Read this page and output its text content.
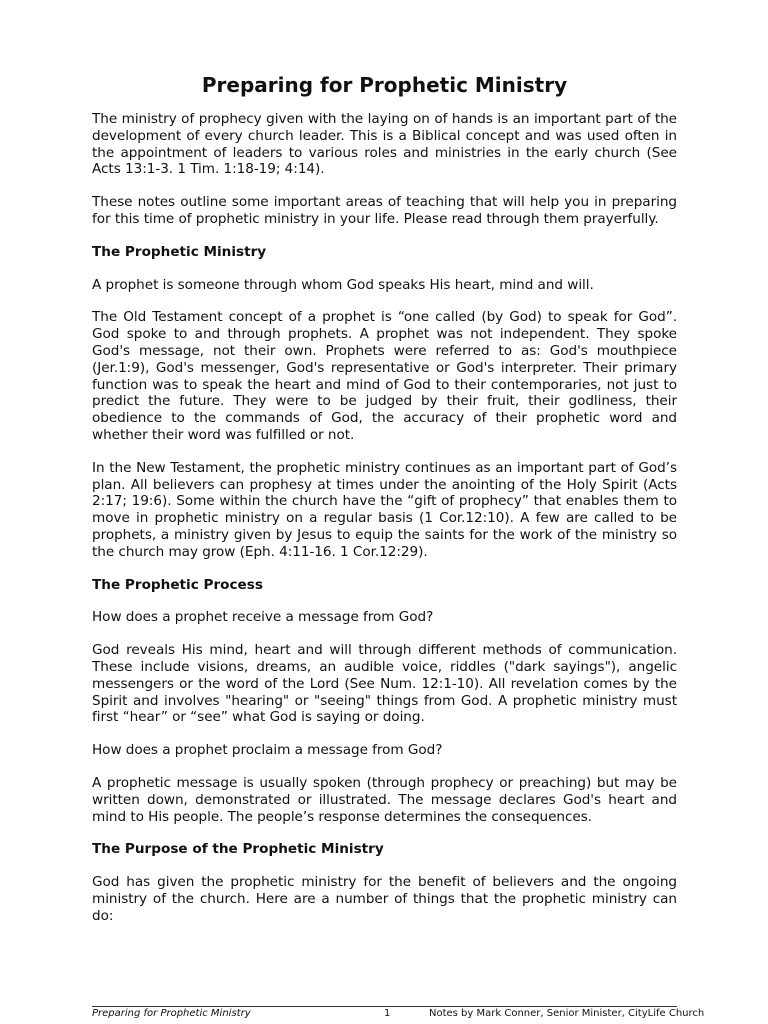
Preparing for Prophetic Ministry

The ministry of prophecy given with the laying on of hands is an important part of the development of every church leader. This is a Biblical concept and was used often in the appointment of leaders to various roles and ministries in the early church (See Acts 13:1-3. 1 Tim. 1:18-19; 4:14).

These notes outline some important areas of teaching that will help you in preparing for this time of prophetic ministry in your life. Please read through them prayerfully.

The Prophetic Ministry

A prophet is someone through whom God speaks His heart, mind and will.

The Old Testament concept of a prophet is “one called (by God) to speak for God”. God spoke to and through prophets. A prophet was not independent. They spoke God's message, not their own. Prophets were referred to as: God's mouthpiece (Jer.1:9), God's messenger, God's representative or God's interpreter. Their primary function was to speak the heart and mind of God to their contemporaries, not just to predict the future. They were to be judged by their fruit, their godliness, their obedience to the commands of God, the accuracy of their prophetic word and whether their word was fulfilled or not.

In the New Testament, the prophetic ministry continues as an important part of God’s plan. All believers can prophesy at times under the anointing of the Holy Spirit (Acts 2:17; 19:6). Some within the church have the “gift of prophecy” that enables them to move in prophetic ministry on a regular basis (1 Cor.12:10). A few are called to be prophets, a ministry given by Jesus to equip the saints for the work of the ministry so the church may grow (Eph. 4:11-16. 1 Cor.12:29).

The Prophetic Process

How does a prophet receive a message from God?

God reveals His mind, heart and will through different methods of communication. These include visions, dreams, an audible voice, riddles ("dark sayings"), angelic messengers or the word of the Lord (See Num. 12:1-10). All revelation comes by the Spirit and involves "hearing" or "seeing" things from God. A prophetic ministry must first “hear” or “see” what God is saying or doing.

How does a prophet proclaim a message from God?

A prophetic message is usually spoken (through prophecy or preaching) but may be written down, demonstrated or illustrated. The message declares God's heart and mind to His people. The people’s response determines the consequences.

The Purpose of the Prophetic Ministry

God has given the prophetic ministry for the benefit of believers and the ongoing ministry of the church. Here are a number of things that the prophetic ministry can do:

Preparing for Prophetic Ministry	1	Notes by Mark Conner, Senior Minister, CityLife Church
